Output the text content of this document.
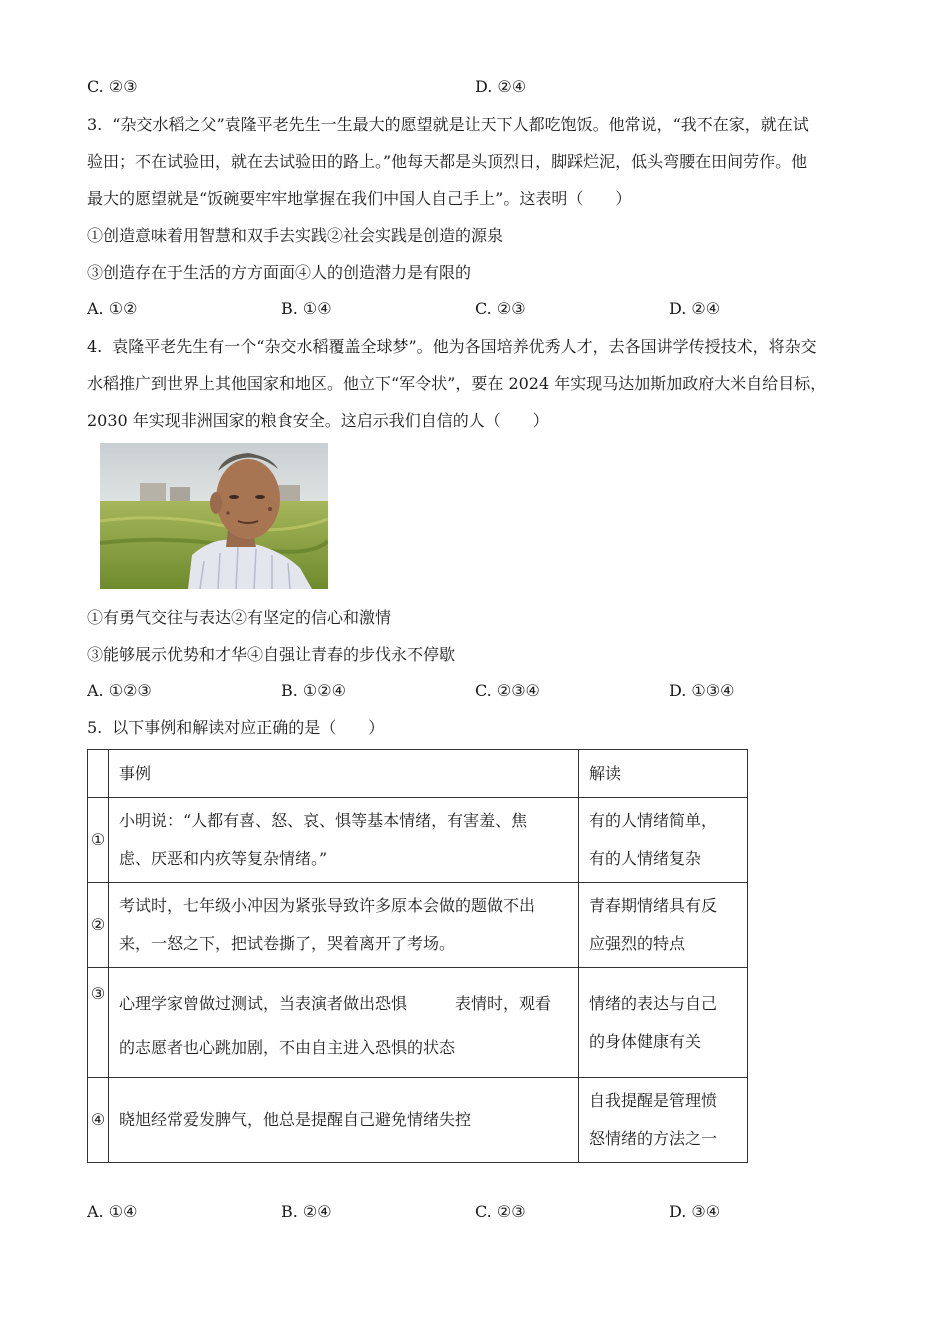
C. ②③	D. ②④
3. “杂交水稻之父”袁隆平老先生一生最大的愿望就是让天下人都吃饱饭。他常说，“我不在家，就在试
验田；不在试验田，就在去试验田的路上。”他每天都是头顶烈日，脚踩烂泥，低头弯腰在田间劳作。他
最大的愿望就是“饭碗要牢牢地掌握在我们中国人自己手上”。这表明（　　）
①创造意味着用智慧和双手去实践②社会实践是创造的源泉
③创造存在于生活的方方面面④人的创造潜力是有限的
A. ①②	B. ①④	C. ②③	D. ②④
4. 袁隆平老先生有一个“杂交水稻覆盖全球梦”。他为各国培养优秀人才，去各国讲学传授技术，将杂交
水稻推广到世界上其他国家和地区。他立下“军令状”，要在 2024 年实现马达加斯加政府大米自给目标，
2030 年实现非洲国家的粮食安全。这启示我们自信的人（　　）
①有勇气交往与表达②有坚定的信心和激情
③能够展示优势和才华④自强让青春的步伐永不停歇
A. ①②③	B. ①②④	C. ②③④	D. ①③④
5. 以下事例和解读对应正确的是（　　）
	事例	解读
①	小明说：“人都有喜、怒、哀、惧等基本情绪，有害羞、焦
虑、厌恶和内疚等复杂情绪。”	有的人情绪简单，
有的人情绪复杂

②	考试时，七年级小冲因为紧张导致许多原本会做的题做不出
来，一怒之下，把试卷撕了，哭着离开了考场。	青春期情绪具有反
应强烈的特点

③	心理学家曾做过测试，当表演者做出恐惧　　　表情时，观看
的志愿者也心跳加剧，不由自主进入恐惧的状态	情绪的表达与自己
的身体健康有关

④	晓旭经常爱发脾气，他总是提醒自己避免情绪失控	自我提醒是管理愤
怒情绪的方法之一
A. ①④	B. ②④	C. ②③	D. ③④
